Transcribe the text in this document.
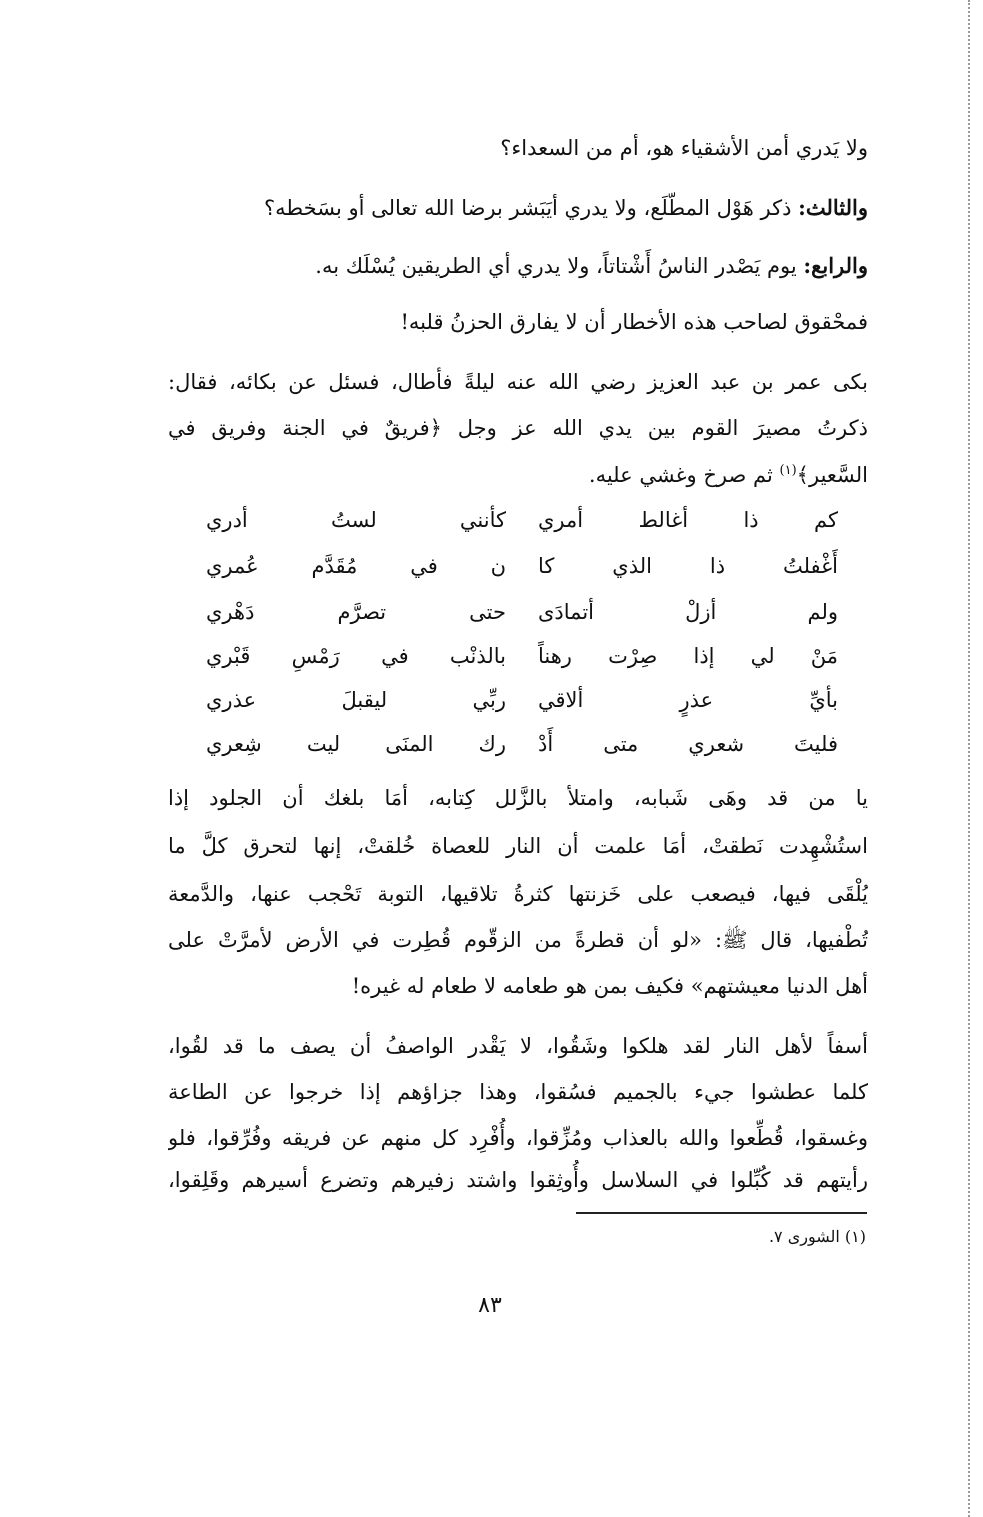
ولا يَدري أمن الأشقياء هو، أم من السعداء؟
والثالث: ذكر هَوْل المطّلَع، ولا يدري أيَبَشر برضا الله تعالى أو بسَخطه؟
والرابع: يوم يَصْدر الناسُ أَشْتاتاً، ولا يدري أي الطريقين يُسْلَك به.
فمحْقوق لصاحب هذه الأخطار أن لا يفارق الحزنُ قلبه!
بكى عمر بن عبد العزيز رضي الله عنه ليلةً فأطال، فسئل عن بكائه، فقال:
ذكرتُ مصيرَ القوم بين يدي الله عز وجل ﴿فريقٌ في الجنة وفريق في
السَّعير﴾$^{(١)}$ ثم صرخ وغشي عليه.
كم ذا أغالط أمري
كأنني لستُ أدري
أَغْفلتُ ذا الذي كا
ن في مُقَدَّم عُمري
ولم أزلْ أتمادَى
حتى تصرَّم دَهْري
مَنْ لي إذا صِرْت رهناً
بالذنْب في رَمْسِ قَبْري
بأيِّ عذرٍ ألاقي
ربِّي ليقبلَ عذري
فليتَ شعري متى أَدْ
رك المنَى ليت شِعري
يا من قد وهَى شَبابه، وامتلأ بالزَّلل كِتابه، أمَا بلغك أن الجلود إذا
استُشْهِدت نَطقتْ، أمَا علمت أن النار للعصاة خُلقتْ، إنها لتحرق كلَّ ما
يُلْقَى فيها، فيصعب على خَزنتها كثرةُ تلاقيها، التوبة تَحْجب عنها، والدَّمعة
تُطْفيها، قال ﷺ: «لو أن قطرةً من الزقّوم قُطِرت في الأرض لأمرَّتْ على
أهل الدنيا معيشتهم» فكيف بمن هو طعامه لا طعام له غيره!
أسفاً لأهل النار لقد هلكوا وشَقُوا، لا يَقْدر الواصفُ أن يصف ما قد لقُوا،
كلما عطشوا جيء بالجميم فسُقوا، وهذا جزاؤهم إذا خرجوا عن الطاعة
وغسقوا، قُطِّعوا والله بالعذاب ومُزِّقوا، وأُفْرِد كل منهم عن فريقه وفُرِّقوا، فلو
رأيتهم قد كُبِّلوا في السلاسل وأُوثِقوا واشتد زفيرهم وتضرع أسيرهم وقَلِقوا،
(١) الشورى ٧.
٨٣
